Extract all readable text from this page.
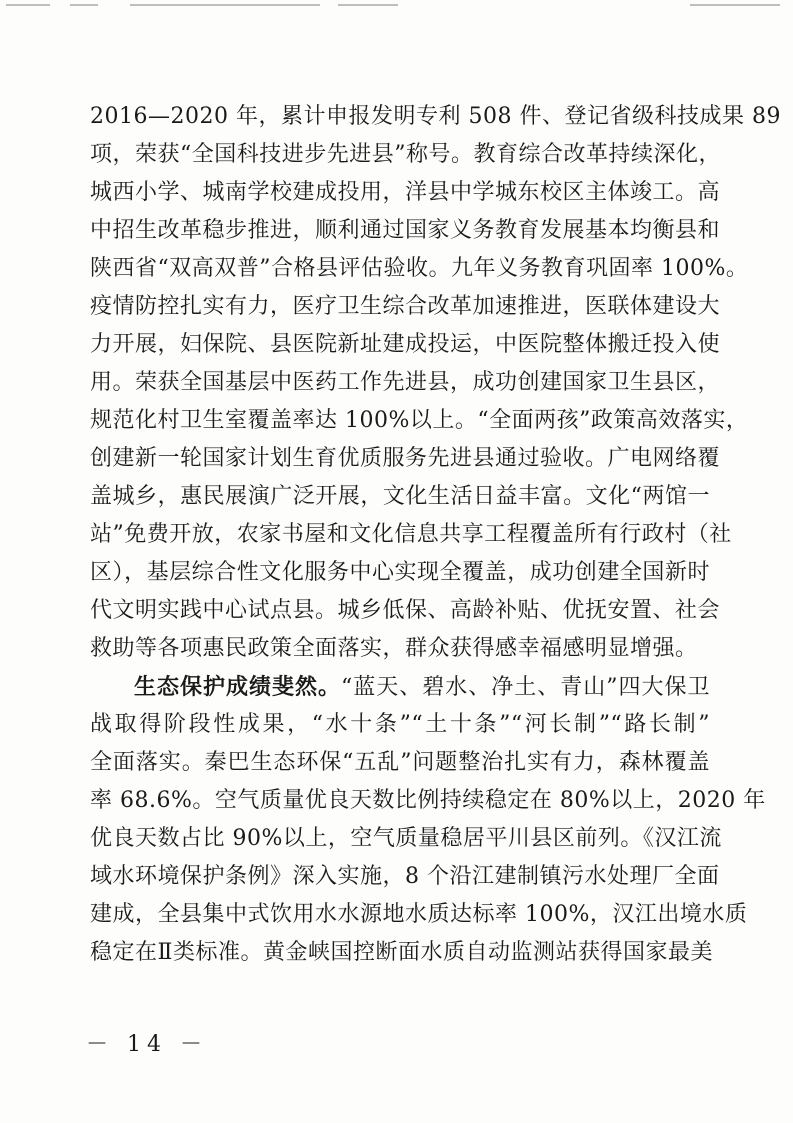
2016—2020 年，累计申报发明专利 508 件、登记省级科技成果 89
项，荣获“全国科技进步先进县”称号。教育综合改革持续深化，
城西小学、城南学校建成投用，洋县中学城东校区主体竣工。高
中招生改革稳步推进，顺利通过国家义务教育发展基本均衡县和
陕西省“双高双普”合格县评估验收。九年义务教育巩固率 100%。
疫情防控扎实有力，医疗卫生综合改革加速推进，医联体建设大
力开展，妇保院、县医院新址建成投运，中医院整体搬迁投入使
用。荣获全国基层中医药工作先进县，成功创建国家卫生县区，
规范化村卫生室覆盖率达 100%以上。“全面两孩”政策高效落实，
创建新一轮国家计划生育优质服务先进县通过验收。广电网络覆
盖城乡，惠民展演广泛开展，文化生活日益丰富。文化“两馆一
站”免费开放，农家书屋和文化信息共享工程覆盖所有行政村（社
区），基层综合性文化服务中心实现全覆盖，成功创建全国新时
代文明实践中心试点县。城乡低保、高龄补贴、优抚安置、社会
救助等各项惠民政策全面落实，群众获得感幸福感明显增强。
生态保护成绩斐然。“蓝天、碧水、净土、青山”四大保卫
战取得阶段性成果，“水十条”“土十条”“河长制”“路长制”
全面落实。秦巴生态环保“五乱”问题整治扎实有力，森林覆盖
率 68.6%。空气质量优良天数比例持续稳定在 80%以上，2020 年
优良天数占比 90%以上，空气质量稳居平川县区前列。《汉江流
域水环境保护条例》深入实施，8 个沿江建制镇污水处理厂全面
建成，全县集中式饮用水水源地水质达标率 100%，汉江出境水质
稳定在Ⅱ类标准。黄金峡国控断面水质自动监测站获得国家最美
－ 14 －
